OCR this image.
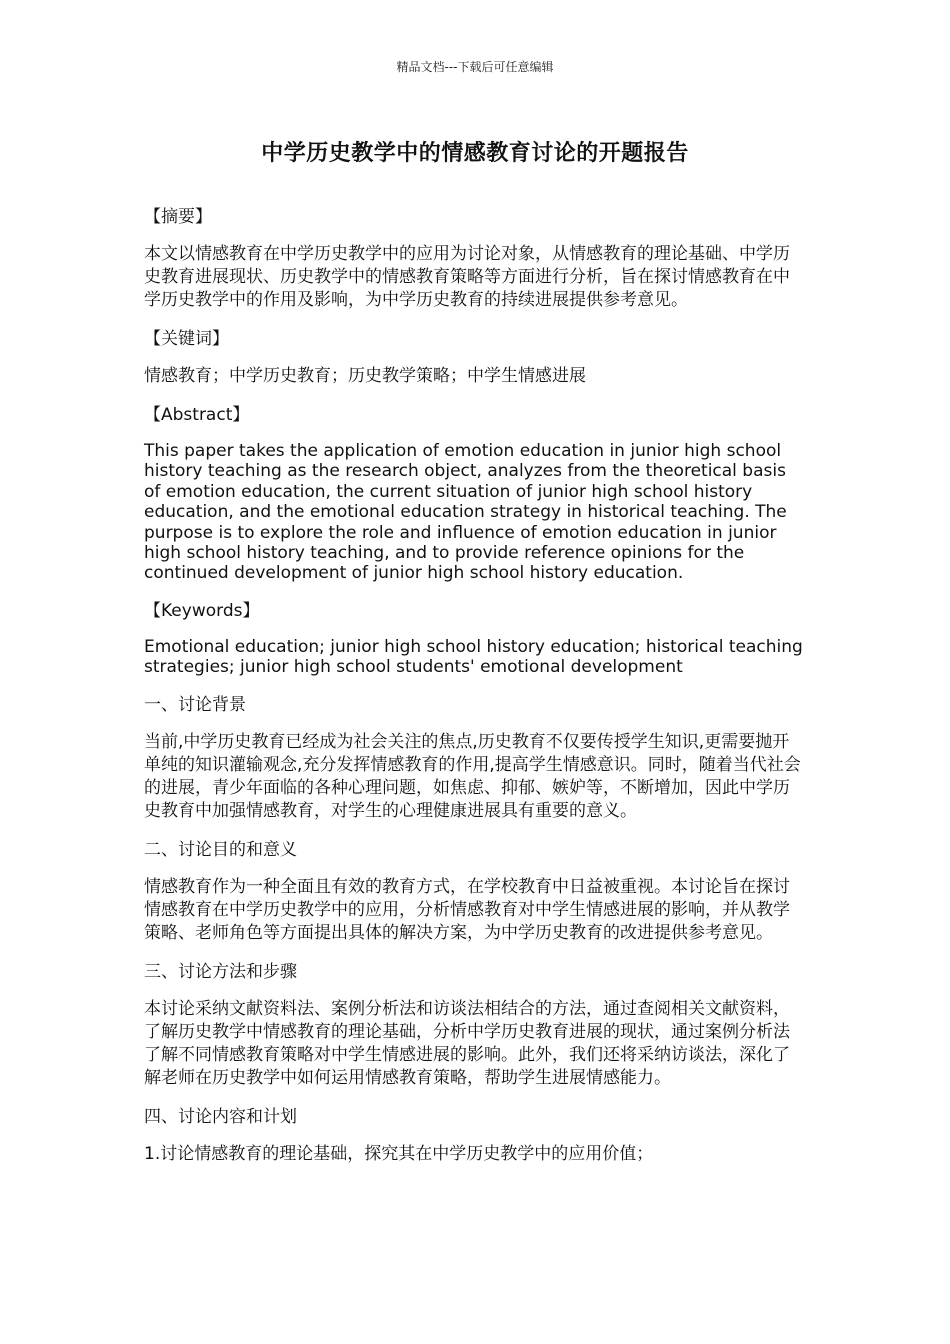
精品文档---下载后可任意编辑
中学历史教学中的情感教育讨论的开题报告

【摘要】

本文以情感教育在中学历史教学中的应用为讨论对象，从情感教育的理论基础、中学历史教育进展现状、历史教学中的情感教育策略等方面进行分析，旨在探讨情感教育在中学历史教学中的作用及影响，为中学历史教育的持续进展提供参考意见。

【关键词】

情感教育；中学历史教育；历史教学策略；中学生情感进展

【Abstract】

This paper takes the application of emotion education in junior high school history teaching as the research object, analyzes from the theoretical basis of emotion education, the current situation of junior high school history education, and the emotional education strategy in historical teaching. The purpose is to explore the role and influence of emotion education in junior high school history teaching, and to provide reference opinions for the continued development of junior high school history education.

【Keywords】

Emotional education; junior high school history education; historical teaching strategies; junior high school students' emotional development

一、讨论背景

当前,中学历史教育已经成为社会关注的焦点,历史教育不仅要传授学生知识,更需要抛开单纯的知识灌输观念,充分发挥情感教育的作用,提高学生情感意识。同时，随着当代社会的进展，青少年面临的各种心理问题，如焦虑、抑郁、嫉妒等，不断增加，因此中学历史教育中加强情感教育，对学生的心理健康进展具有重要的意义。

二、讨论目的和意义

情感教育作为一种全面且有效的教育方式，在学校教育中日益被重视。本讨论旨在探讨情感教育在中学历史教学中的应用，分析情感教育对中学生情感进展的影响，并从教学策略、老师角色等方面提出具体的解决方案，为中学历史教育的改进提供参考意见。

三、讨论方法和步骤

本讨论采纳文献资料法、案例分析法和访谈法相结合的方法，通过查阅相关文献资料，了解历史教学中情感教育的理论基础，分析中学历史教育进展的现状，通过案例分析法了解不同情感教育策略对中学生情感进展的影响。此外，我们还将采纳访谈法，深化了解老师在历史教学中如何运用情感教育策略，帮助学生进展情感能力。

四、讨论内容和计划

1.讨论情感教育的理论基础，探究其在中学历史教学中的应用价值；
